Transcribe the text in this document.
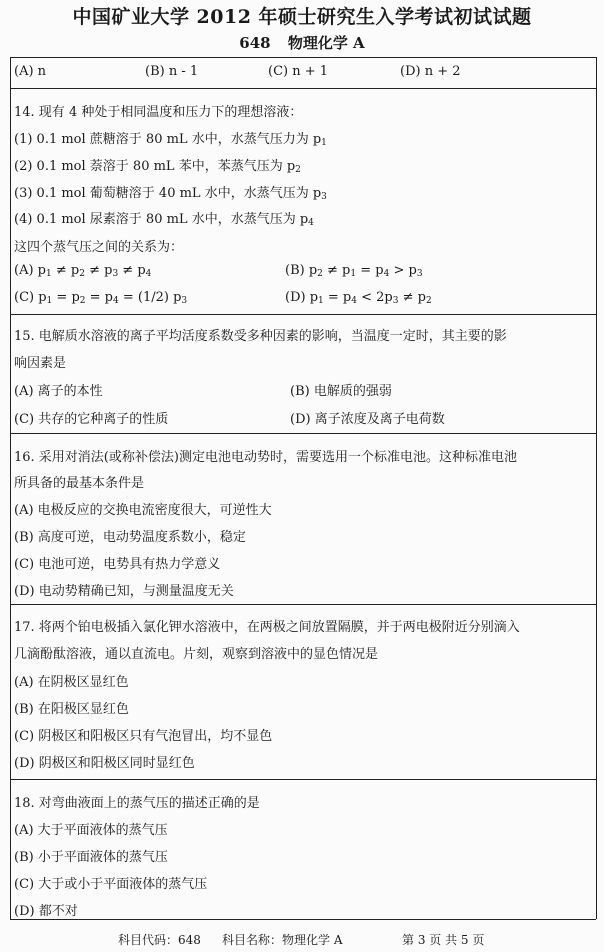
中国矿业大学 2012 年硕士研究生入学考试初试试题
648 物理化学 A
(A) n	(B) n - 1	(C) n + 1	(D) n + 2
14. 现有 4 种处于相同温度和压力下的理想溶液：
(1) 0.1 mol 蔗糖溶于 80 mL 水中，水蒸气压力为 $p_1$
(2) 0.1 mol 萘溶于 80 mL 苯中，苯蒸气压为 $p_2$
(3) 0.1 mol 葡萄糖溶于 40 mL 水中，水蒸气压为 $p_3$
(4) 0.1 mol 尿素溶于 80 mL 水中，水蒸气压为 $p_4$
这四个蒸气压之间的关系为：
(A) $p_1 \ne p_2 \ne p_3 \ne p_4$	(B) $p_2 \ne p_1 = p_4 > p_3$
(C) $p_1 = p_2 = p_4 = (1/2)$ $p_3$	(D) $p_1 = p_4 < 2p_3 \ne p_2$
15. 电解质水溶液的离子平均活度系数受多种因素的影响，当温度一定时，其主要的影
响因素是
(A) 离子的本性	(B) 电解质的强弱
(C) 共存的它种离子的性质	(D) 离子浓度及离子电荷数
16. 采用对消法(或称补偿法)测定电池电动势时，需要选用一个标准电池。这种标准电池
所具备的最基本条件是
(A) 电极反应的交换电流密度很大，可逆性大
(B) 高度可逆，电动势温度系数小，稳定
(C) 电池可逆，电势具有热力学意义
(D) 电动势精确已知，与测量温度无关
17. 将两个铂电极插入氯化钾水溶液中，在两极之间放置隔膜，并于两电极附近分别滴入
几滴酚酞溶液，通以直流电。片刻，观察到溶液中的显色情况是
(A) 在阴极区显红色
(B) 在阳极区显红色
(C) 阴极区和阳极区只有气泡冒出，均不显色
(D) 阴极区和阳极区同时显红色
18. 对弯曲液面上的蒸气压的描述正确的是
(A) 大于平面液体的蒸气压
(B) 小于平面液体的蒸气压
(C) 大于或小于平面液体的蒸气压
(D) 都不对
科目代码：648 科目名称：物理化学 A	第 3 页 共 5 页
